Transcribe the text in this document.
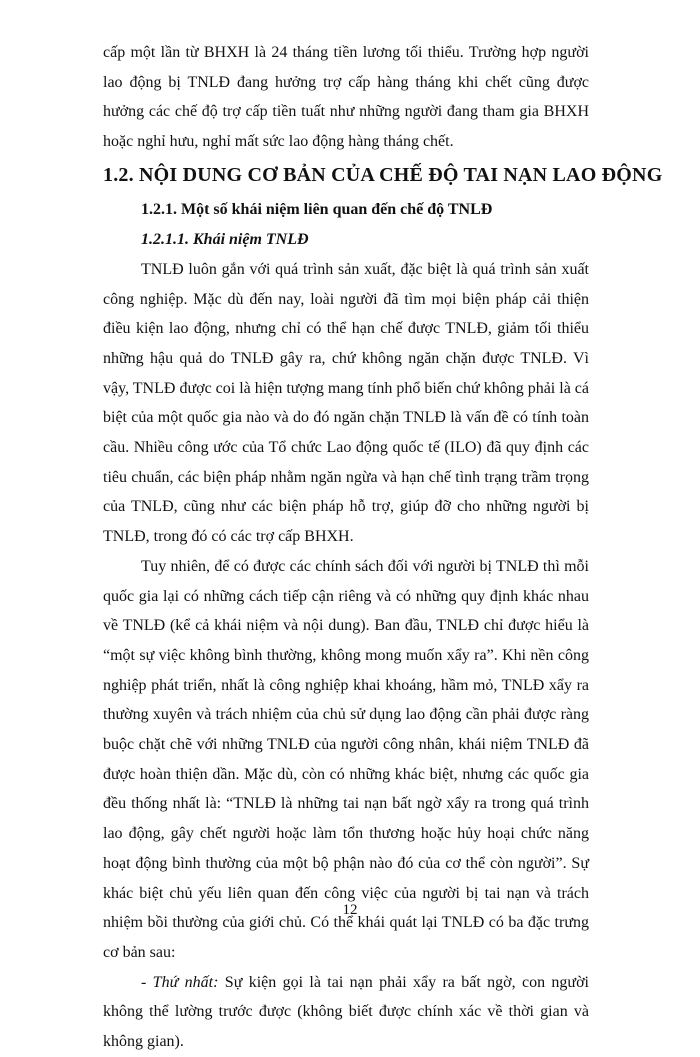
cấp một lần từ BHXH là 24 tháng tiền lương tối thiểu. Trường hợp người lao động bị TNLĐ đang hưởng trợ cấp hàng tháng khi chết cũng được hưởng các chế độ trợ cấp tiền tuất như những người đang tham gia BHXH hoặc nghỉ hưu, nghỉ mất sức lao động hàng tháng chết.

1.2. NỘI DUNG CƠ BẢN CỦA CHẾ ĐỘ TAI NẠN LAO ĐỘNG

1.2.1. Một số khái niệm liên quan đến chế độ TNLĐ

1.2.1.1. Khái niệm TNLĐ

TNLĐ luôn gắn với quá trình sản xuất, đặc biệt là quá trình sản xuất công nghiệp. Mặc dù đến nay, loài người đã tìm mọi biện pháp cải thiện điều kiện lao động, nhưng chỉ có thể hạn chế được TNLĐ, giảm tối thiểu những hậu quả do TNLĐ gây ra, chứ không ngăn chặn được TNLĐ. Vì vậy, TNLĐ được coi là hiện tượng mang tính phổ biến chứ không phải là cá biệt của một quốc gia nào và do đó ngăn chặn TNLĐ là vấn đề có tính toàn cầu. Nhiều công ước của Tổ chức Lao động quốc tế (ILO) đã quy định các tiêu chuẩn, các biện pháp nhằm ngăn ngừa và hạn chế tình trạng trầm trọng của TNLĐ, cũng như các biện pháp hỗ trợ, giúp đỡ cho những người bị TNLĐ, trong đó có các trợ cấp BHXH.

Tuy nhiên, để có được các chính sách đối với người bị TNLĐ thì mỗi quốc gia lại có những cách tiếp cận riêng và có những quy định khác nhau về TNLĐ (kể cả khái niệm và nội dung). Ban đầu, TNLĐ chỉ được hiểu là “một sự việc không bình thường, không mong muốn xẩy ra”. Khi nền công nghiệp phát triển, nhất là công nghiệp khai khoáng, hầm mỏ, TNLĐ xẩy ra thường xuyên và trách nhiệm của chủ sử dụng lao động cần phải được ràng buộc chặt chẽ với những TNLĐ của người công nhân, khái niệm TNLĐ đã được hoàn thiện dần. Mặc dù, còn có những khác biệt, nhưng các quốc gia đều thống nhất là: “TNLĐ là những tai nạn bất ngờ xẩy ra trong quá trình lao động, gây chết người hoặc làm tổn thương hoặc hủy hoại chức năng hoạt động bình thường của một bộ phận nào đó của cơ thể còn người”. Sự khác biệt chủ yếu liên quan đến công việc của người bị tai nạn và trách nhiệm bồi thường của giới chủ. Có thể khái quát lại TNLĐ có ba đặc trưng cơ bản sau:

- Thứ nhất: Sự kiện gọi là tai nạn phải xẩy ra bất ngờ, con người không thể lường trước được (không biết được chính xác về thời gian và không gian).

12
